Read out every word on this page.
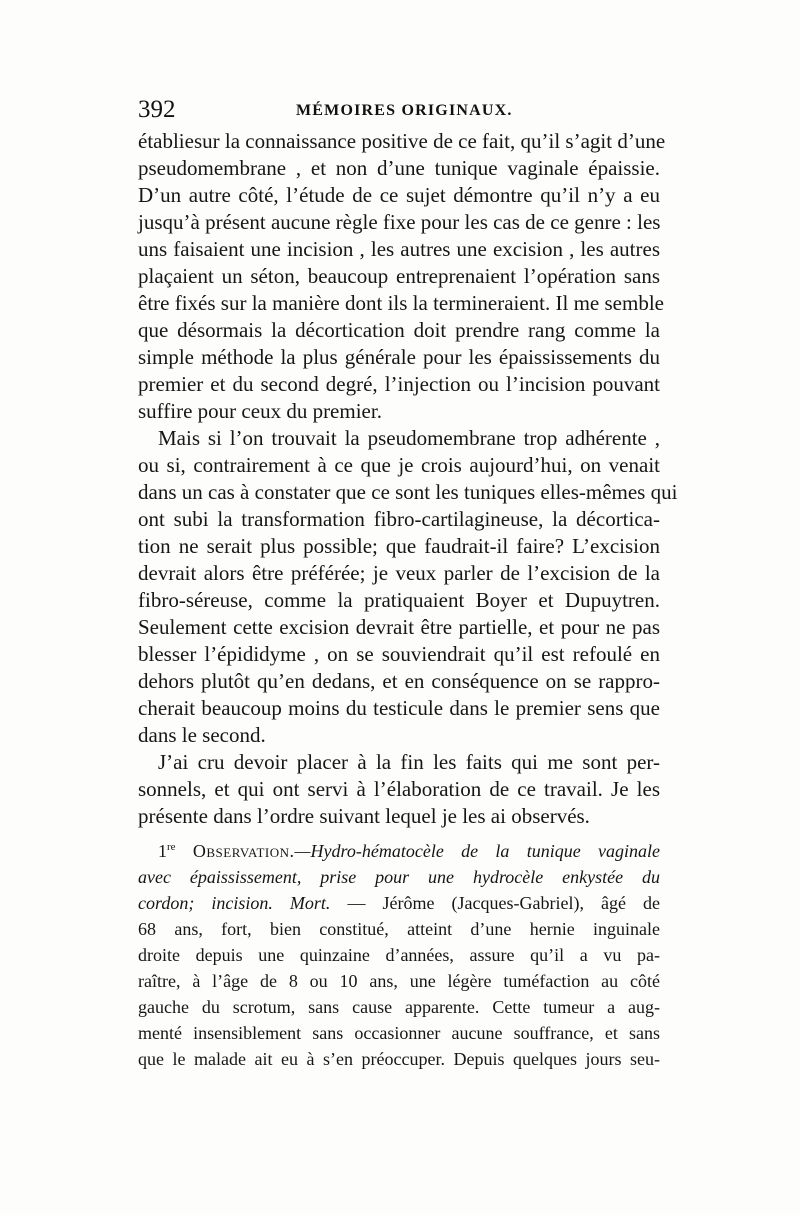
392	MÉMOIRES ORIGINAUX.
établiesur la connaissance positive de ce fait, qu’il s’agit d’une
pseudomembrane , et non d’une tunique vaginale épaissie.
D’un autre côté, l’étude de ce sujet démontre qu’il n’y a eu
jusqu’à présent aucune règle fixe pour les cas de ce genre : les
uns faisaient une incision , les autres une excision , les autres
plaçaient un séton, beaucoup entreprenaient l’opération sans
être fixés sur la manière dont ils la termineraient. Il me semble
que désormais la décortication doit prendre rang comme la
simple méthode la plus générale pour les épaississements du
premier et du second degré, l’injection ou l’incision pouvant
suffire pour ceux du premier.
Mais si l’on trouvait la pseudomembrane trop adhérente ,
ou si, contrairement à ce que je crois aujourd’hui, on venait
dans un cas à constater que ce sont les tuniques elles-mêmes qui
ont subi la transformation fibro-cartilagineuse, la décortica-
tion ne serait plus possible; que faudrait-il faire? L’excision
devrait alors être préférée; je veux parler de l’excision de la
fibro-séreuse, comme la pratiquaient Boyer et Dupuytren.
Seulement cette excision devrait être partielle, et pour ne pas
blesser l’épididyme , on se souviendrait qu’il est refoulé en
dehors plutôt qu’en dedans, et en conséquence on se rappro-
cherait beaucoup moins du testicule dans le premier sens que
dans le second.
J’ai cru devoir placer à la fin les faits qui me sont per-
sonnels, et qui ont servi à l’élaboration de ce travail. Je les
présente dans l’ordre suivant lequel je les ai observés.
1re Observation.—Hydro-hématocèle de la tunique vaginale
avec épaississement, prise pour une hydrocèle enkystée du
cordon; incision. Mort. — Jérôme (Jacques-Gabriel), âgé de
68 ans, fort, bien constitué, atteint d’une hernie inguinale
droite depuis une quinzaine d’années, assure qu’il a vu pa-
raître, à l’âge de 8 ou 10 ans, une légère tuméfaction au côté
gauche du scrotum, sans cause apparente. Cette tumeur a aug-
menté insensiblement sans occasionner aucune souffrance, et sans
que le malade ait eu à s’en préoccuper. Depuis quelques jours seu-
